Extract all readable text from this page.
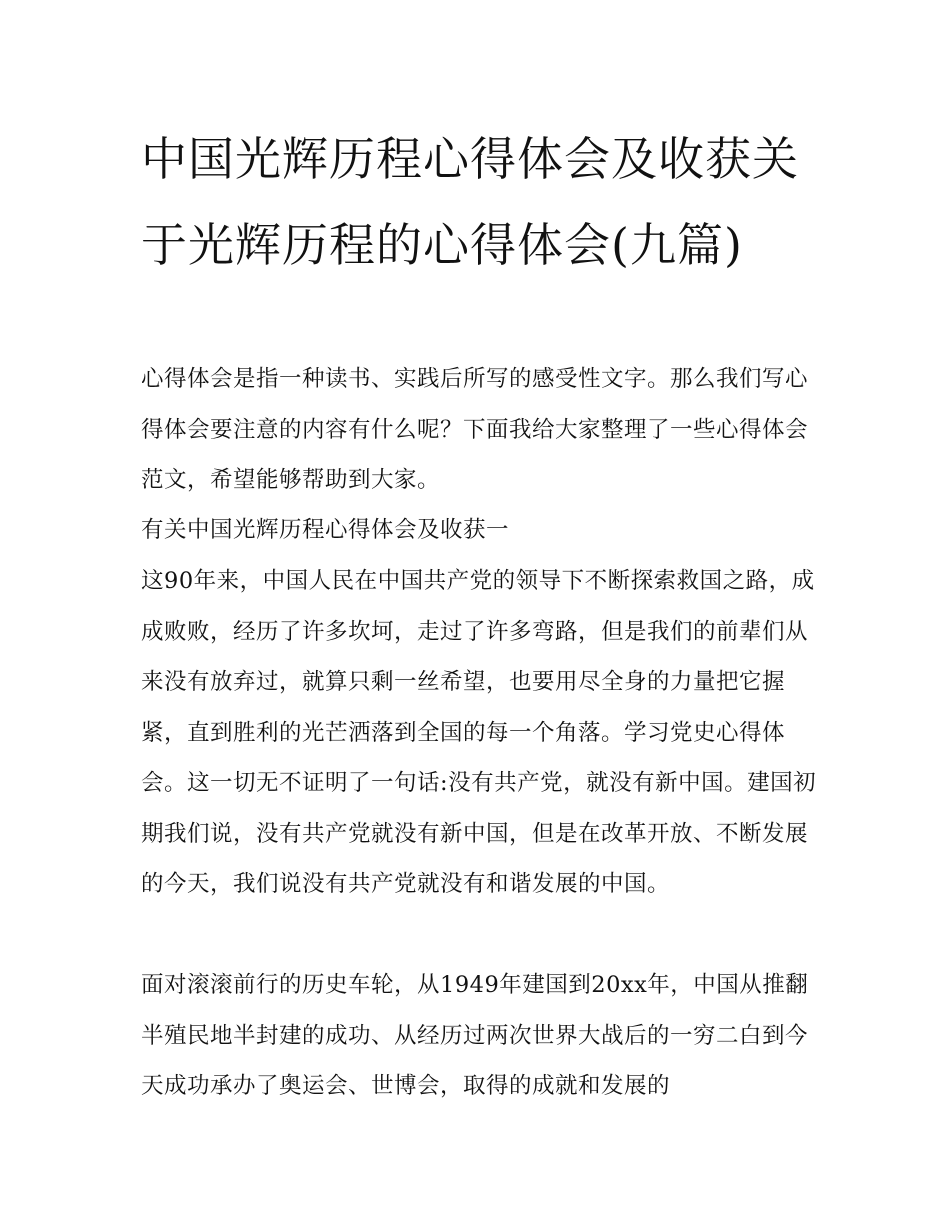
中国光辉历程心得体会及收获关于光辉历程的心得体会(九篇)

心得体会是指一种读书、实践后所写的感受性文字。那么我们写心得体会要注意的内容有什么呢？下面我给大家整理了一些心得体会范文，希望能够帮助到大家。

有关中国光辉历程心得体会及收获一

这90年来，中国人民在中国共产党的领导下不断探索救国之路，成成败败，经历了许多坎坷，走过了许多弯路，但是我们的前辈们从来没有放弃过，就算只剩一丝希望，也要用尽全身的力量把它握紧，直到胜利的光芒洒落到全国的每一个角落。学习党史心得体会。这一切无不证明了一句话:没有共产党，就没有新中国。建国初期我们说，没有共产党就没有新中国，但是在改革开放、不断发展的今天，我们说没有共产党就没有和谐发展的中国。

面对滚滚前行的历史车轮，从1949年建国到20xx年，中国从推翻半殖民地半封建的成功、从经历过两次世界大战后的一穷二白到今天成功承办了奥运会、世博会，取得的成就和发展的
